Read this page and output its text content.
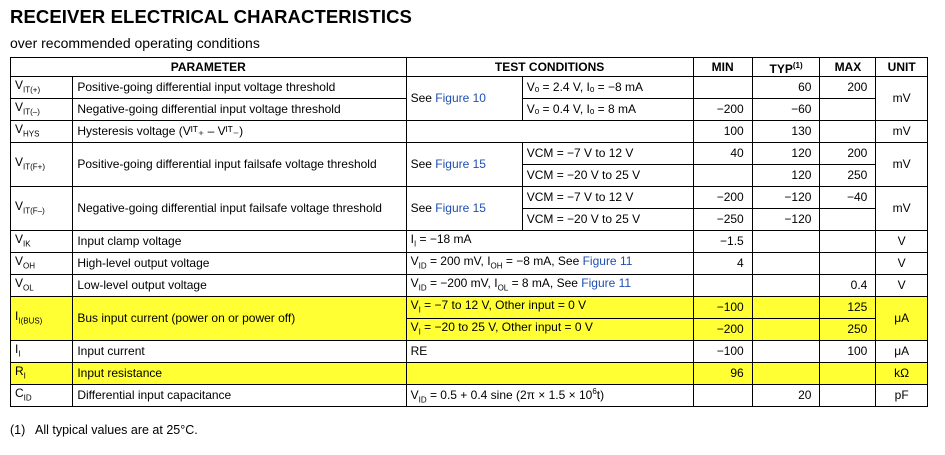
RECEIVER ELECTRICAL CHARACTERISTICS
over recommended operating conditions
PARAMETER		TEST CONDITIONS		MIN	TYP$^{(1)}$	MAX	UNIT
$V_{IT(+)}$	Positive-going differential input voltage threshold	See Figure 10	Vₒ = 2.4 V, Iₒ = −8 mA		60	200	mV
$V_{IT(-)}$	Negative-going differential input voltage threshold		Vₒ = 0.4 V, Iₒ = 8 mA	−200	−60		
$V_{HYS}$	Hysteresis voltage (Vᴵᵀ₊ – Vᴵᵀ₋)			100	130		mV
$V_{IT(F+)}$	Positive-going differential input failsafe voltage threshold	See Figure 15	VCM = −7 V to 12 V	40	120	200	mV
			VCM = −20 V to 25 V		120	250	
$V_{IT(F-)}$	Negative-going differential input failsafe voltage threshold	See Figure 15	VCM = −7 V to 12 V	−200	−120	−40	mV
			VCM = −20 V to 25 V	−250	−120		
$V_{IK}$	Input clamp voltage	$I_I = -18$ mA		−1.5			V
$V_{OH}$	High-level output voltage	$V_{ID} = 200$ mV, $I_{OH} = -8$ mA, See Figure 11		4			V
$V_{OL}$	Low-level output voltage	$V_{ID} = -200$ mV, $I_{OL} = 8$ mA, See Figure 11				0.4	V
$I_{I(BUS)}$	Bus input current (power on or power off)	$V_I = -7$ to 12 V, Other input = 0 V		−100		125	μA
		$V_I = -20$ to 25 V, Other input = 0 V		−200		250	
$I_I$	Input current	RE		−100		100	μA
$R_I$	Input resistance			96			kΩ
$C_{ID}$	Differential input capacitance	$V_{ID} = 0.5 + 0.4$ sine $(2\pi \times 1.5 \times 10^6t)$			20		pF
(1)   All typical values are at 25°C.
